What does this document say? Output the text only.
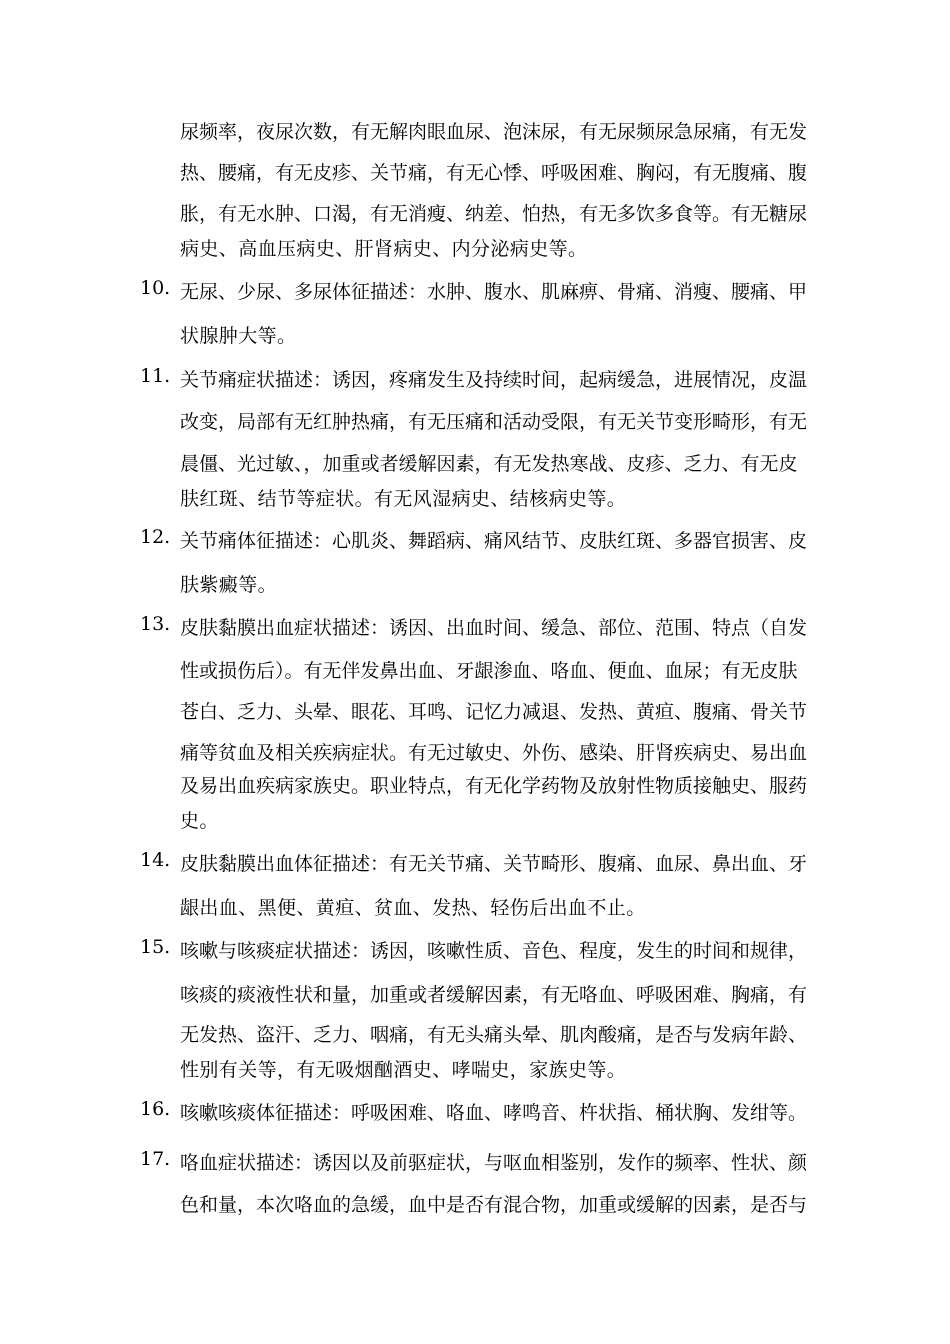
尿频率，夜尿次数，有无解肉眼血尿、泡沫尿，有无尿频尿急尿痛，有无发
热、腰痛，有无皮疹、关节痛，有无心悸、呼吸困难、胸闷，有无腹痛、腹
胀，有无水肿、口渴，有无消瘦、纳差、怕热，有无多饮多食等。有无糖尿
病史、高血压病史、肝肾病史、内分泌病史等。
10. 无尿、少尿、多尿体征描述：水肿、腹水、肌麻痹、骨痛、消瘦、腰痛、甲
状腺肿大等。
11. 关节痛症状描述：诱因，疼痛发生及持续时间，起病缓急，进展情况，皮温
改变，局部有无红肿热痛，有无压痛和活动受限，有无关节变形畸形，有无
晨僵、光过敏、，加重或者缓解因素，有无发热寒战、皮疹、乏力、有无皮
肤红斑、结节等症状。有无风湿病史、结核病史等。
12. 关节痛体征描述：心肌炎、舞蹈病、痛风结节、皮肤红斑、多器官损害、皮
肤紫癜等。
13. 皮肤黏膜出血症状描述：诱因、出血时间、缓急、部位、范围、特点（自发
性或损伤后）。有无伴发鼻出血、牙龈渗血、咯血、便血、血尿；有无皮肤
苍白、乏力、头晕、眼花、耳鸣、记忆力减退、发热、黄疸、腹痛、骨关节
痛等贫血及相关疾病症状。有无过敏史、外伤、感染、肝肾疾病史、易出血
及易出血疾病家族史。职业特点，有无化学药物及放射性物质接触史、服药
史。
14. 皮肤黏膜出血体征描述：有无关节痛、关节畸形、腹痛、血尿、鼻出血、牙
龈出血、黑便、黄疸、贫血、发热、轻伤后出血不止。
15. 咳嗽与咳痰症状描述：诱因，咳嗽性质、音色、程度，发生的时间和规律，
咳痰的痰液性状和量，加重或者缓解因素，有无咯血、呼吸困难、胸痛，有
无发热、盗汗、乏力、咽痛，有无头痛头晕、肌肉酸痛，是否与发病年龄、
性别有关等，有无吸烟酗酒史、哮喘史，家族史等。
16. 咳嗽咳痰体征描述：呼吸困难、咯血、哮鸣音、杵状指、桶状胸、发绀等。
17. 咯血症状描述：诱因以及前驱症状，与呕血相鉴别，发作的频率、性状、颜
色和量，本次咯血的急缓，血中是否有混合物，加重或缓解的因素，是否与
